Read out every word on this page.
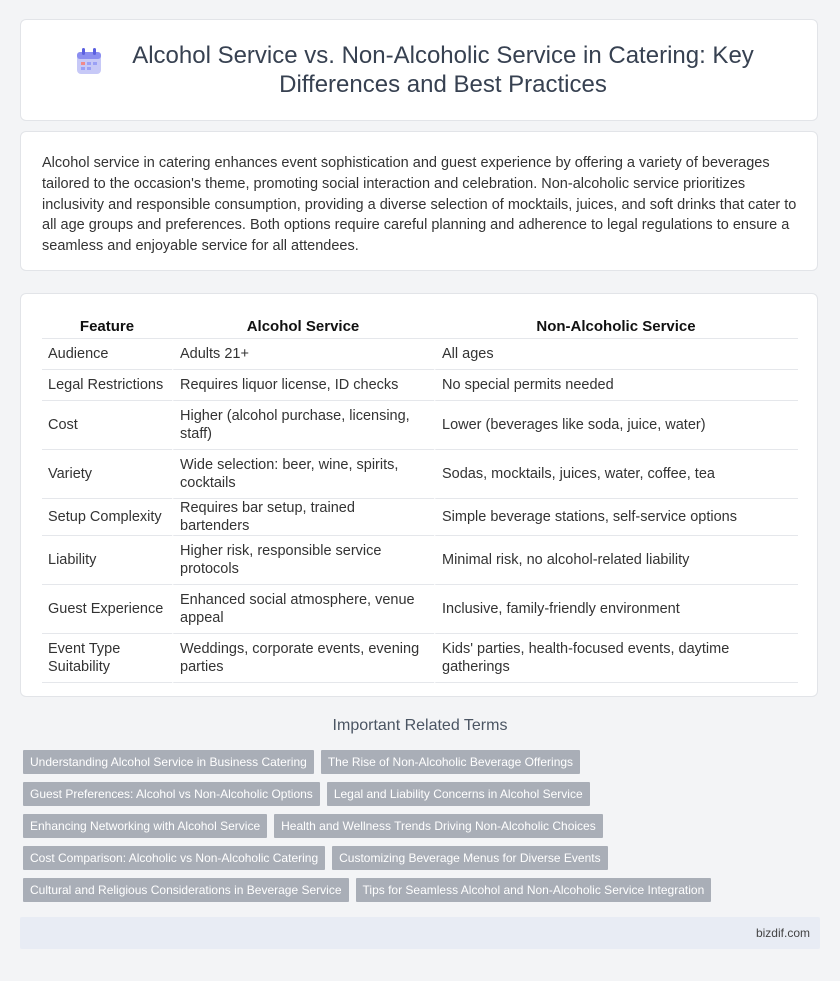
Alcohol Service vs. Non-Alcoholic Service in Catering: Key Differences and Best Practices

Alcohol service in catering enhances event sophistication and guest experience by offering a variety of beverages tailored to the occasion's theme, promoting social interaction and celebration. Non-alcoholic service prioritizes inclusivity and responsible consumption, providing a diverse selection of mocktails, juices, and soft drinks that cater to all age groups and preferences. Both options require careful planning and adherence to legal regulations to ensure a seamless and enjoyable service for all attendees.

Feature	Alcohol Service	Non-Alcoholic Service
Audience	Adults 21+	All ages
Legal Restrictions	Requires liquor license, ID checks	No special permits needed
Cost	Higher (alcohol purchase, licensing, staff)	Lower (beverages like soda, juice, water)
Variety	Wide selection: beer, wine, spirits, cocktails	Sodas, mocktails, juices, water, coffee, tea
Setup Complexity	Requires bar setup, trained bartenders	Simple beverage stations, self-service options
Liability	Higher risk, responsible service protocols	Minimal risk, no alcohol-related liability
Guest Experience	Enhanced social atmosphere, venue appeal	Inclusive, family-friendly environment
Event Type Suitability	Weddings, corporate events, evening parties	Kids' parties, health-focused events, daytime gatherings
Important Related Terms
Understanding Alcohol Service in Business Catering	The Rise of Non-Alcoholic Beverage Offerings
Guest Preferences: Alcohol vs Non-Alcoholic Options	Legal and Liability Concerns in Alcohol Service
Enhancing Networking with Alcohol Service	Health and Wellness Trends Driving Non-Alcoholic Choices
Cost Comparison: Alcoholic vs Non-Alcoholic Catering	Customizing Beverage Menus for Diverse Events
Cultural and Religious Considerations in Beverage Service	Tips for Seamless Alcohol and Non-Alcoholic Service Integration
bizdif.com
